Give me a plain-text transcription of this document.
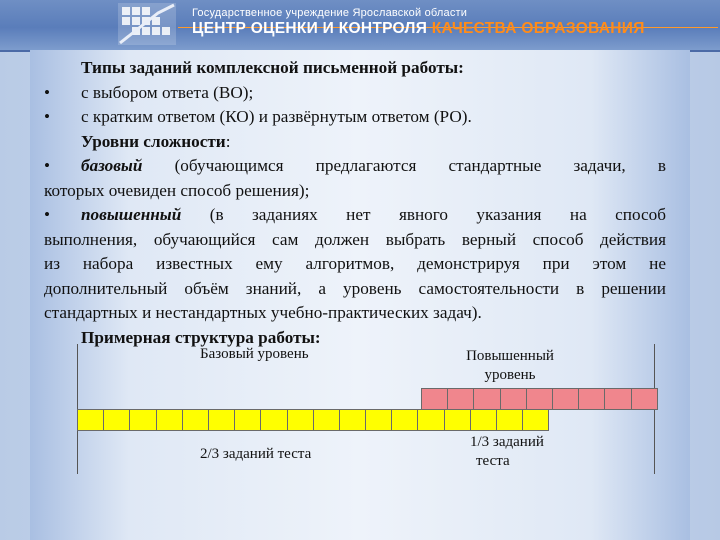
Государственное учреждение Ярославской области
ЦЕНТР ОЦЕНКИ И КОНТРОЛЯ КАЧЕСТВА ОБРАЗОВАНИЯ
Типы заданий комплексной письменной работы:
• с выбором ответа (ВО);
• с кратким ответом (КО) и развёрнутым ответом (РО).
Уровни сложности:
• базовый (обучающимся предлагаются стандартные задачи, в
которых очевиден способ решения);
• повышенный (в заданиях нет явного указания на способ
выполнения, обучающийся сам должен выбрать верный способ действия
из набора известных ему алгоритмов, демонстрируя при этом не
дополнительный объём знаний, а уровень самостоятельности в решении
стандартных и нестандартных учебно-практических задач).
Примерная структура работы:
Базовый уровень	Повышенный
уровень
2/3 заданий теста
1/3 заданий
теста
